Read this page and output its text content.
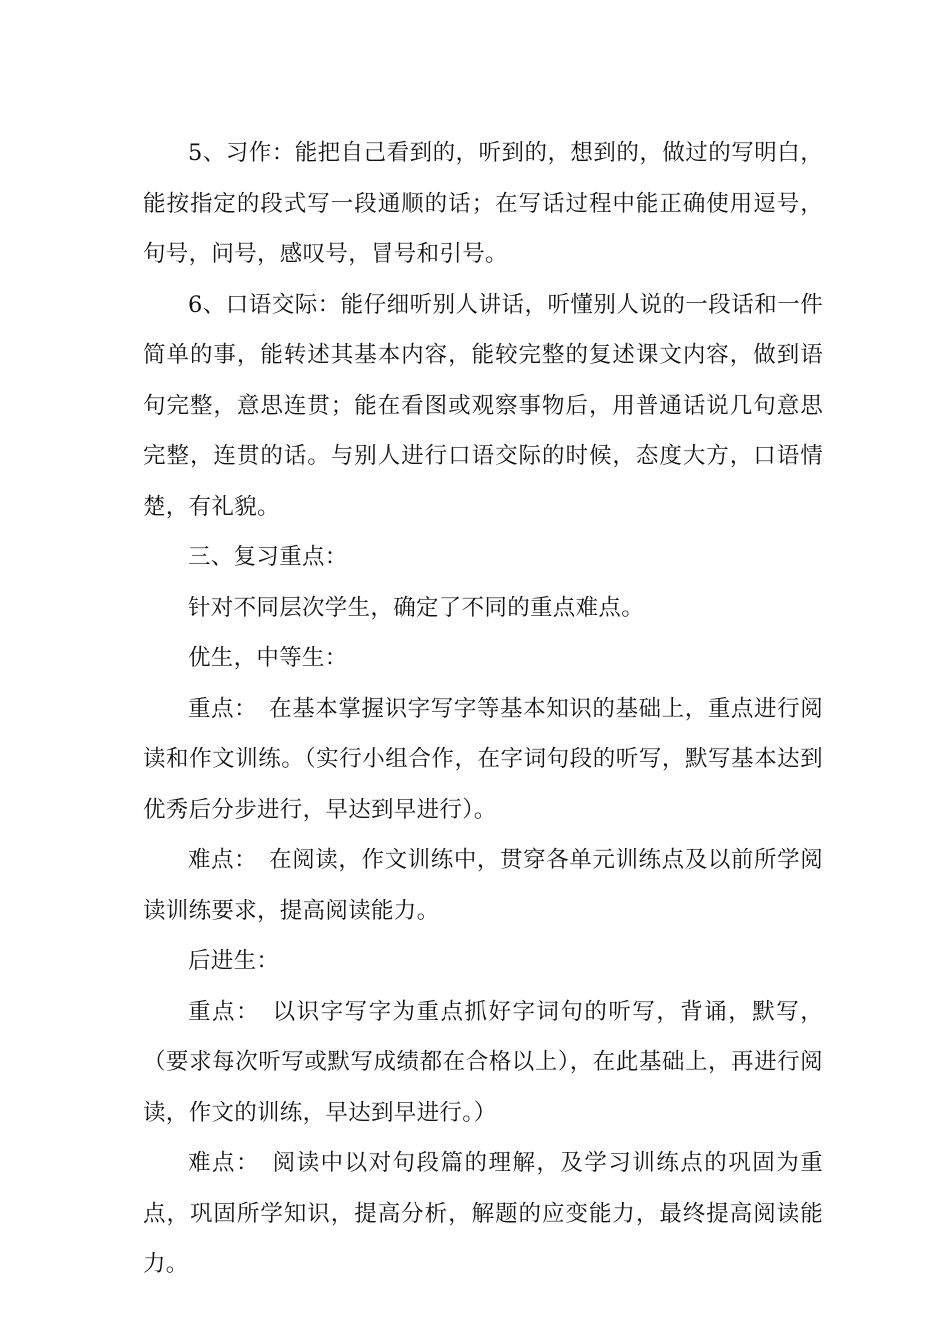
5、习作：能把自己看到的，听到的，想到的，做过的写明白，能按指定的段式写一段通顺的话；在写话过程中能正确使用逗号，句号，问号，感叹号，冒号和引号。

6、口语交际：能仔细听别人讲话，听懂别人说的一段话和一件简单的事，能转述其基本内容，能较完整的复述课文内容，做到语句完整，意思连贯；能在看图或观察事物后，用普通话说几句意思完整，连贯的话。与别人进行口语交际的时候，态度大方，口语情楚，有礼貌。

三、复习重点：

针对不同层次学生，确定了不同的重点难点。

优生，中等生：

重点：　在基本掌握识字写字等基本知识的基础上，重点进行阅读和作文训练。（实行小组合作，在字词句段的听写，默写基本达到优秀后分步进行，早达到早进行）。

难点：　在阅读，作文训练中，贯穿各单元训练点及以前所学阅读训练要求，提高阅读能力。

后进生：

重点：　以识字写字为重点抓好字词句的听写，背诵，默写，（要求每次听写或默写成绩都在合格以上），在此基础上，再进行阅读，作文的训练，早达到早进行。）

难点：　阅读中以对句段篇的理解，及学习训练点的巩固为重点，巩固所学知识，提高分析，解题的应变能力，最终提高阅读能力。
